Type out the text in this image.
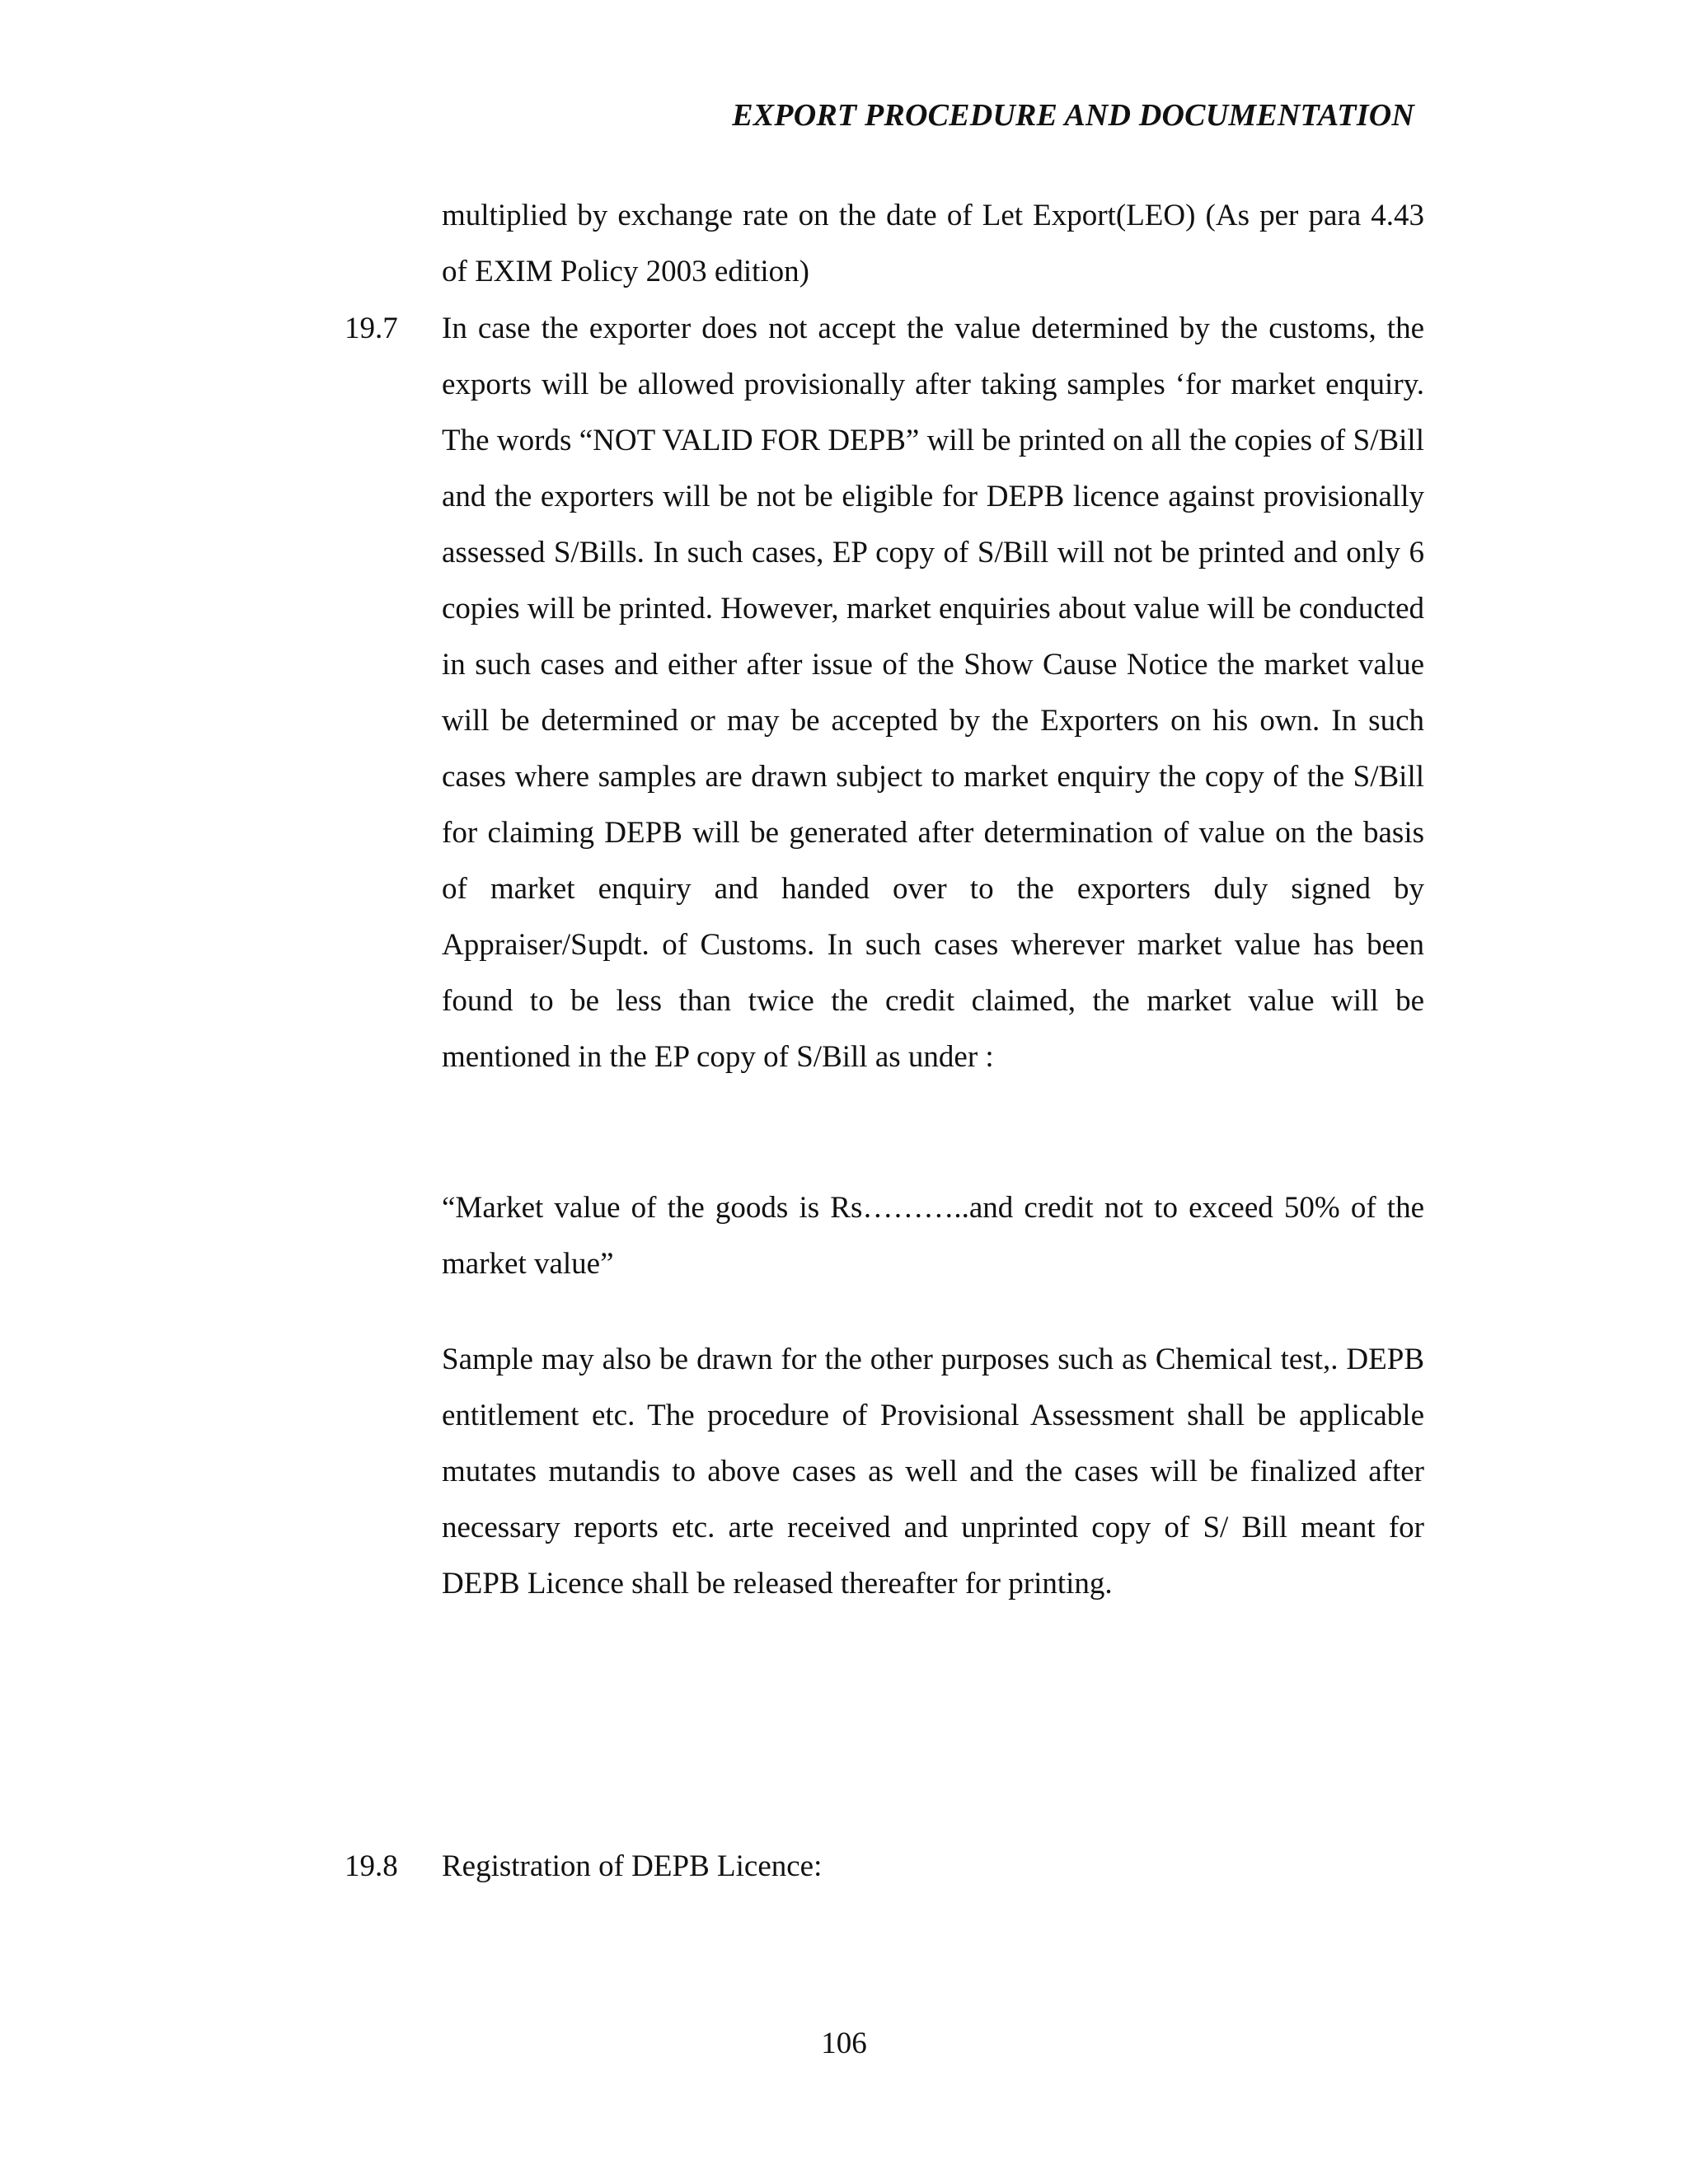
EXPORT PROCEDURE AND DOCUMENTATION
multiplied by exchange rate on the date of Let Export(LEO) (As per para 4.43 of EXIM Policy 2003 edition)
19.7 In case the exporter does not accept the value determined by the customs, the exports will be allowed provisionally after taking samples ‘for market enquiry. The words “NOT VALID FOR DEPB” will be printed on all the copies of S/Bill and the exporters will be not be eligible for DEPB licence against provisionally assessed S/Bills. In such cases, EP copy of S/Bill will not be printed and only 6 copies will be printed. However, market enquiries about value will be conducted in such cases and either after issue of the Show Cause Notice the market value will be determined or may be accepted by the Exporters on his own. In such cases where samples are drawn subject to market enquiry the copy of the S/Bill for claiming DEPB will be generated after determination of value on the basis of market enquiry and handed over to the exporters duly signed by Appraiser/Supdt. of Customs. In such cases wherever market value has been found to be less than twice the credit claimed, the market value will be mentioned in the EP copy of S/Bill as under :
“Market value of the goods is Rs………..and credit not to exceed 50% of the market value”
Sample may also be drawn for the other purposes such as Chemical test,. DEPB entitlement etc. The procedure of Provisional Assessment shall be applicable mutates mutandis to above cases as well and the cases will be finalized after necessary reports etc. arte received and unprinted copy of S/ Bill meant for DEPB Licence shall be released thereafter for printing.
19.8 Registration of DEPB Licence:
106
